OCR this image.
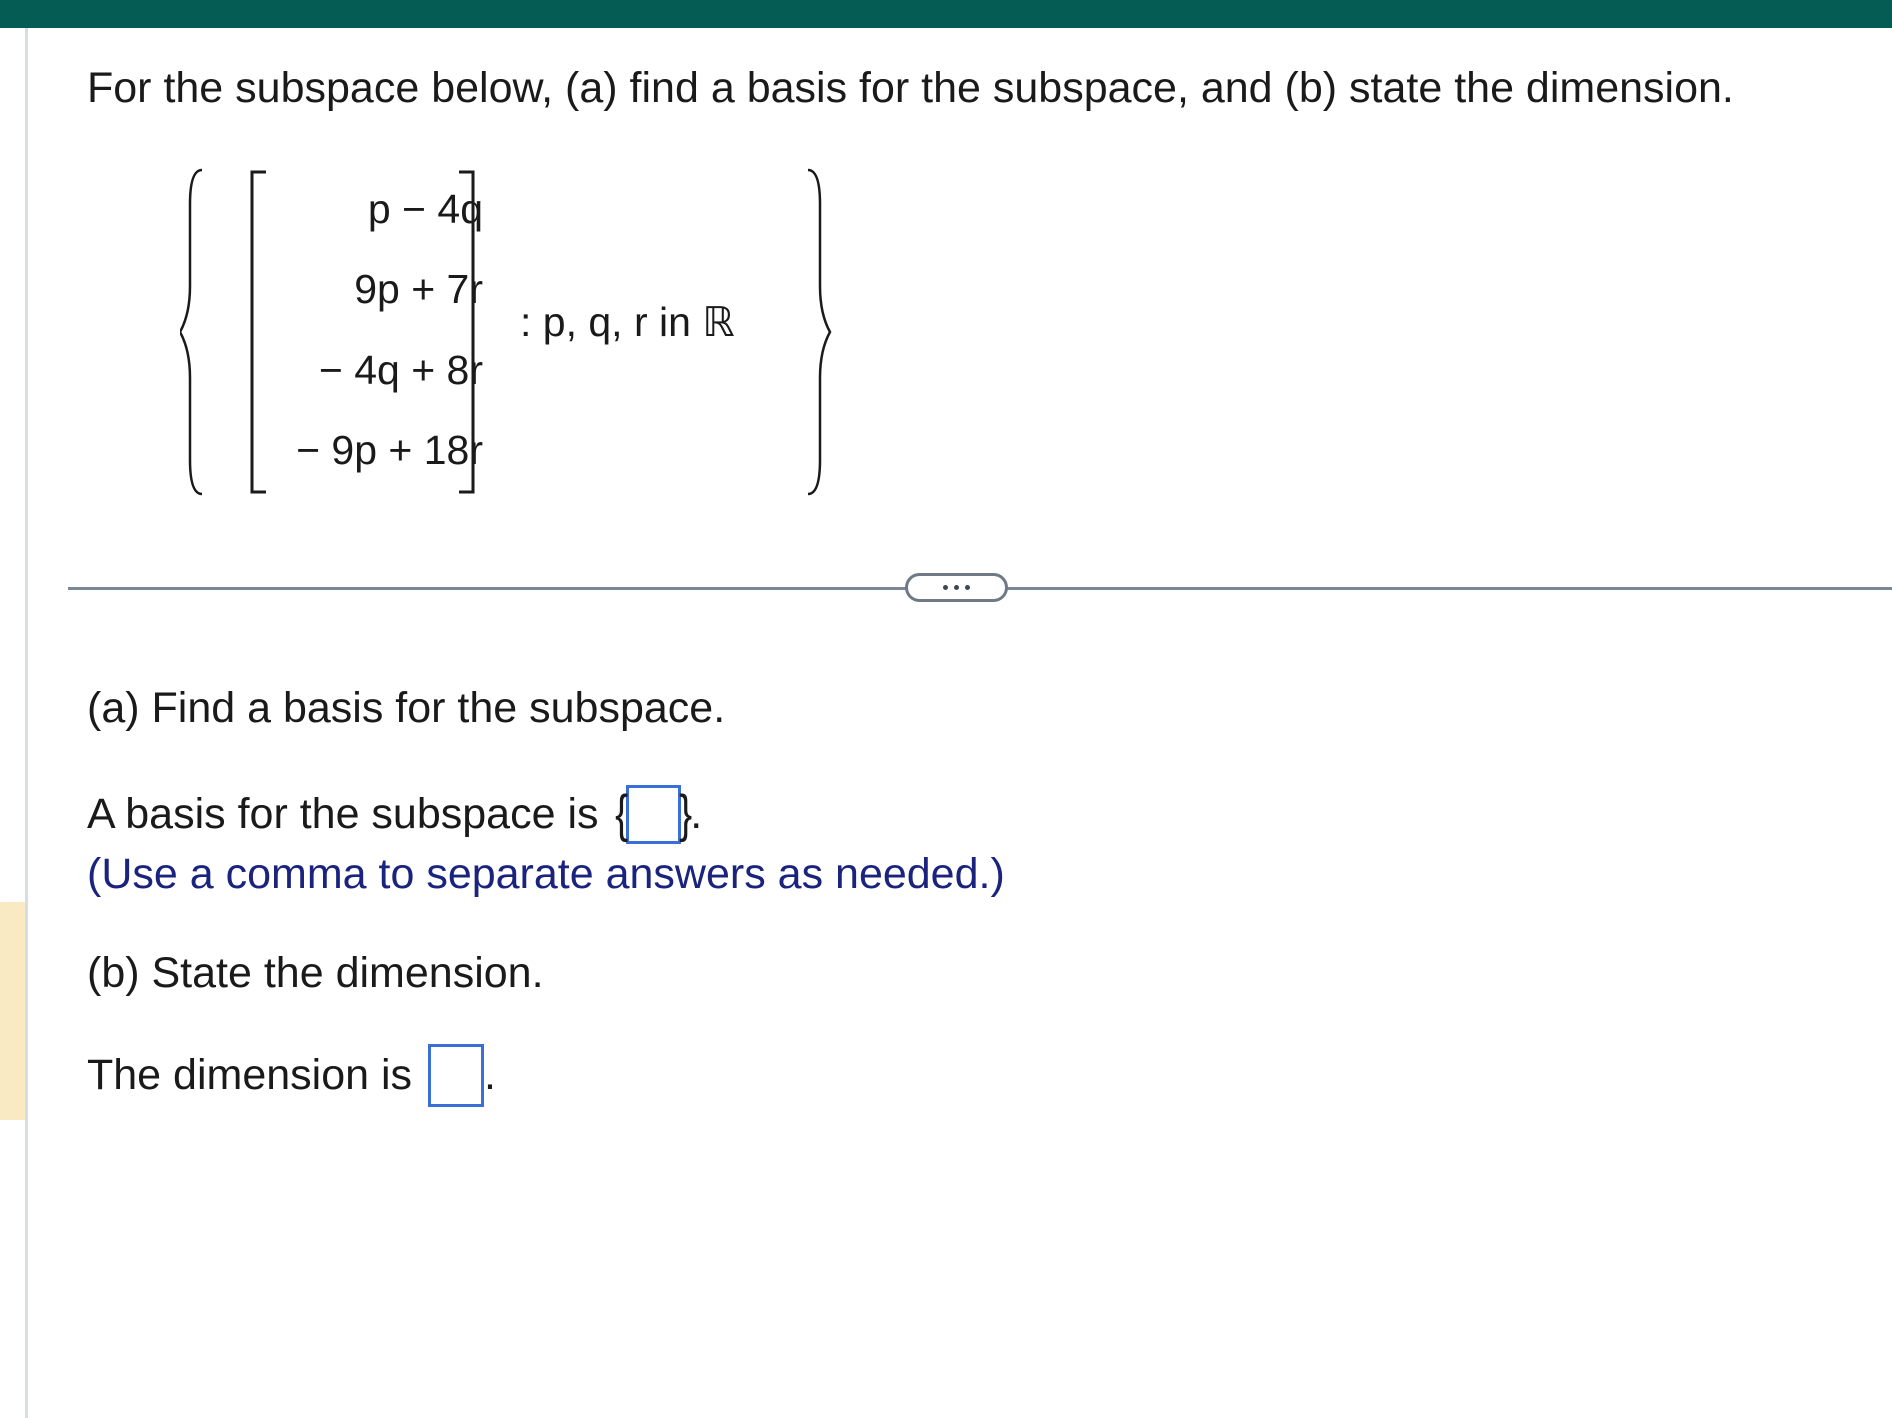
For the subspace below, (a) find a basis for the subspace, and (b) state the dimension.
p − 4q
9p + 7r
− 4q + 8r
− 9p + 18r
: p, q, r in ℝ
(a) Find a basis for the subspace.
A basis for the subspace is { }
.
(Use a comma to separate answers as needed.)
(b) State the dimension.
The dimension is .
